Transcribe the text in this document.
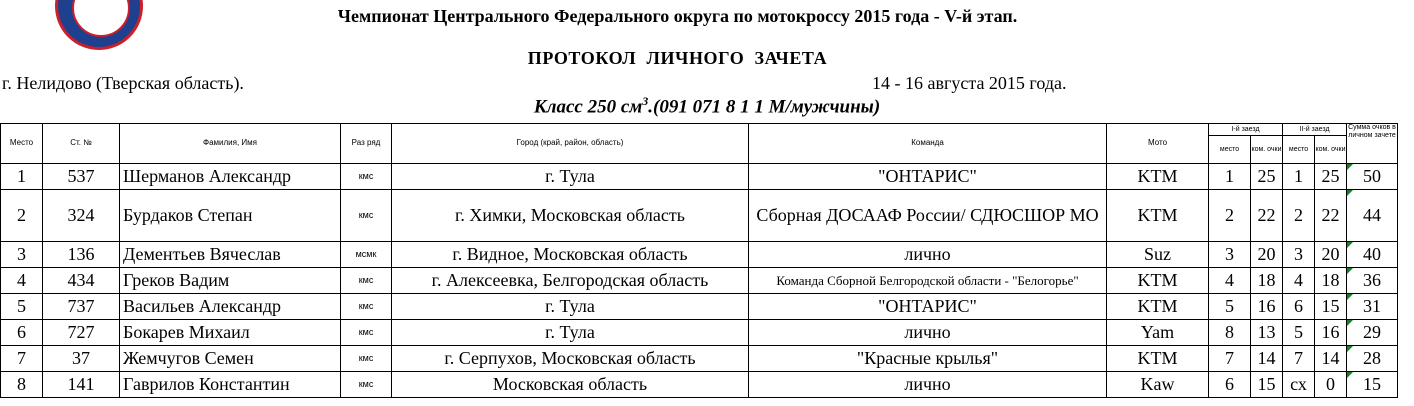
Чемпионат Центрального Федерального округа по мотокроссу 2015 года - V-й этап.
ПРОТОКОЛ  ЛИЧНОГО  ЗАЧЕТА
г. Нелидово (Тверская область).	14 - 16 августа 2015 года.
Класс 250 $см^3.(091$ 071 8 1 1 М/мужчины)
Место	Ст. №	Фамилия, Имя	Раз ряд	Город (край, район, область)	Команда	Мото	I-й заезд		II-й заезд		Сумма очков в личном зачете
							место	ком. очки	место	ком. очки	
1	537	Шерманов Александр	кмс	г. Тула	"ОНТАРИС"	KTM	1	25	1	25	50
2	324	Бурдаков Степан	кмс	г. Химки, Московская область	Сборная ДОСААФ России/ СДЮСШОР МО	KTM	2	22	2	22	44
3	136	Дементьев Вячеслав	мсмк	г. Видное, Московская область	лично	Suz	3	20	3	20	40
4	434	Греков Вадим	кмс	г. Алексеевка, Белгородская область	Команда Сборной Белгородской области - "Белогорье"	KTM	4	18	4	18	36
5	737	Васильев Александр	кмс	г. Тула	"ОНТАРИС"	KTM	5	16	6	15	31
6	727	Бокарев Михаил	кмс	г. Тула	лично	Yam	8	13	5	16	29
7	37	Жемчугов Семен	кмс	г. Серпухов, Московская область	"Красные крылья"	KTM	7	14	7	14	28
8	141	Гаврилов Константин	кмс	Московская область	лично	Kaw	6	15	сх	0	15
